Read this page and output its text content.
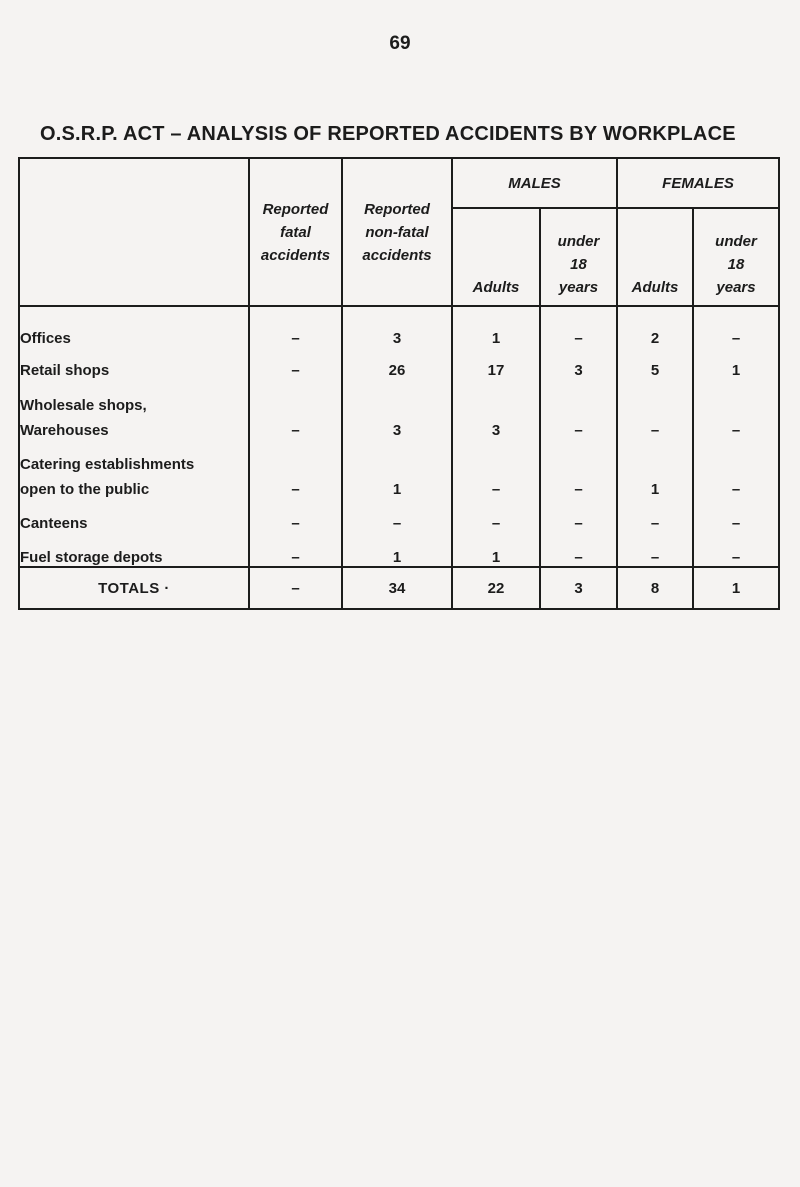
69
O.S.R.P. ACT – ANALYSIS OF REPORTED ACCIDENTS BY WORKPLACE

	Reported
fatal
accidents	Reported
non-fatal
accidents	MALES		FEMALES	
			Adults	under
18
years	Adults	under
18
years

Offices	–	3	1	–	2	–
Retail shops	–	26	17	3	5	1

Wholesale shops,
Warehouses	–	3	3	–	–	–

Catering establishments
open to the public	–	1	–	–	1	–
Canteens	–	–	–	–	–	–
Fuel storage depots	–	1	1	–	–	–
TOTALS ·	–	34	22	3	8	1
